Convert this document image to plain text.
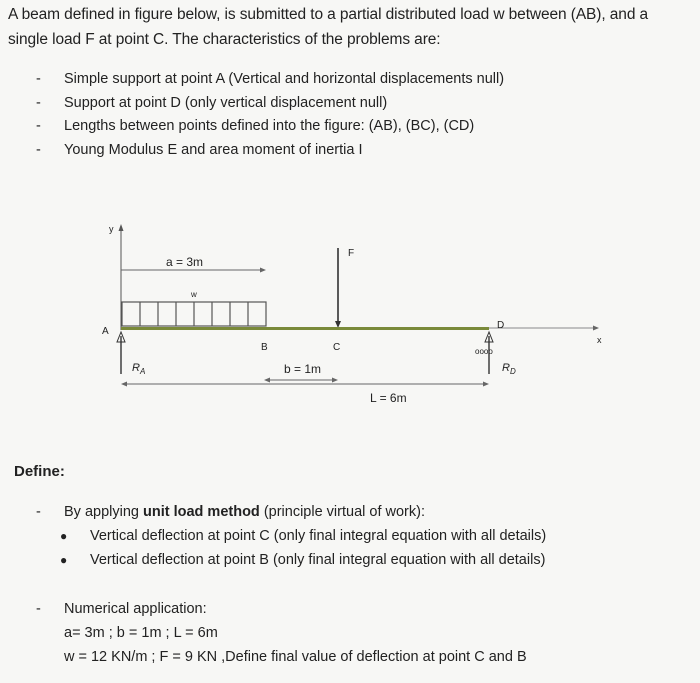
A beam defined in figure below, is submitted to a partial distributed load w between (AB), and a
single load F at point C. The characteristics of the problems are:
-	Simple support at point A (Vertical and horizontal displacements null)
-	Support at point D (only vertical displacement null)
-	Lengths between points defined into the figure: (AB), (BC), (CD)
-	Young Modulus E and area moment of inertia I
y
a = 3m
w
F
x
A
B	C
D
$R_A$
oooo
$R_D$
b = 1m
L = 6m
Define:
-	By applying unit load method (principle virtual of work):
●	Vertical deflection at point C (only final integral equation with all details)
●	Vertical deflection at point B (only final integral equation with all details)
-	Numerical application:
a= 3m ; b = 1m ; L = 6m
w = 12 KN/m ; F = 9 KN ,Define final value of deflection at point C and B
